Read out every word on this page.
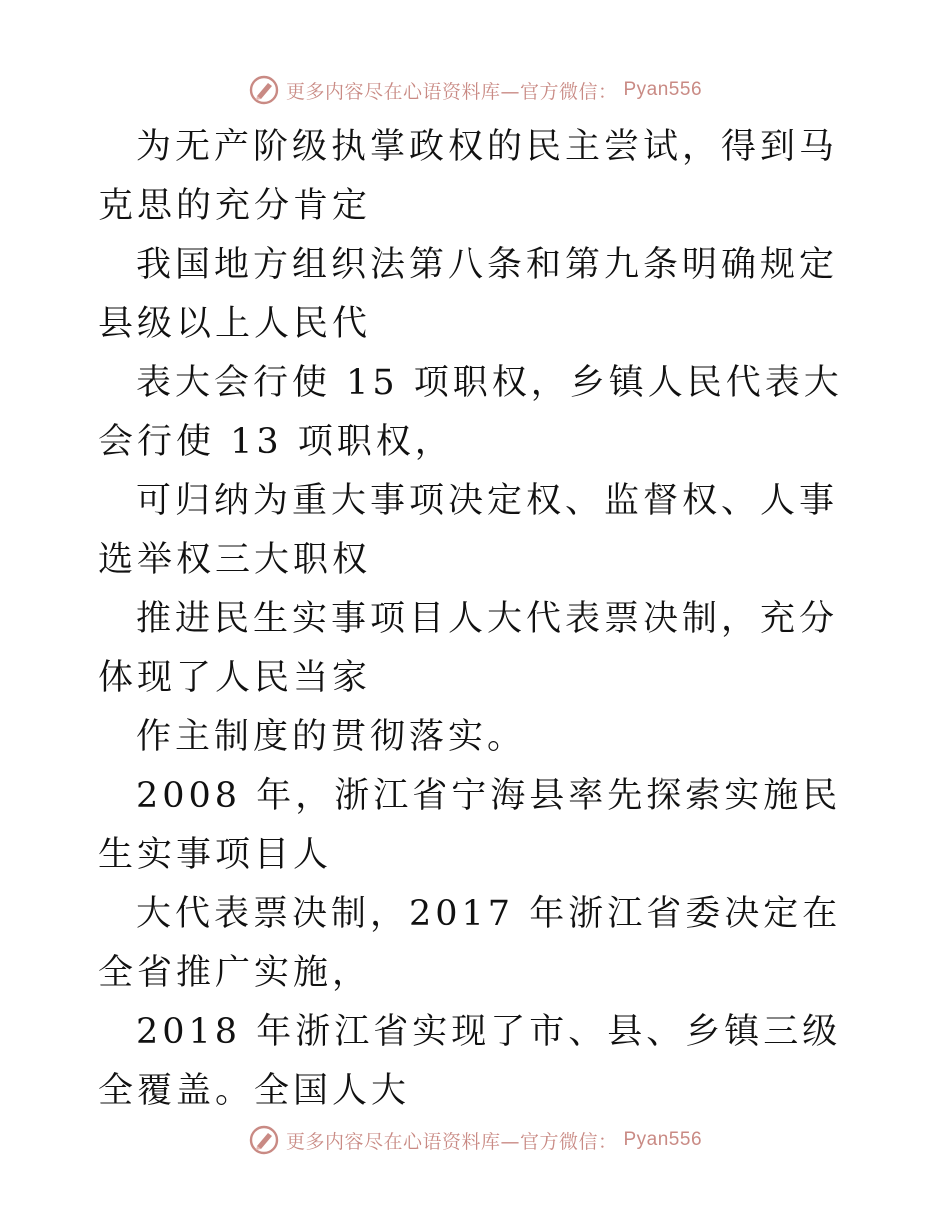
更多内容尽在心语资料库—官方微信： Pyan556

为无产阶级执掌政权的民主尝试，得到马克思的充分肯定

我国地方组织法第八条和第九条明确规定县级以上人民代

表大会行使 15 项职权，乡镇人民代表大会行使 13 项职权，

可归纳为重大事项决定权、监督权、人事选举权三大职权

推进民生实事项目人大代表票决制，充分体现了人民当家

作主制度的贯彻落实。

2008 年，浙江省宁海县率先探索实施民生实事项目人

大代表票决制，2017 年浙江省委决定在全省推广实施，

2018 年浙江省实现了市、县、乡镇三级全覆盖。全国人大

更多内容尽在心语资料库—官方微信： Pyan556
